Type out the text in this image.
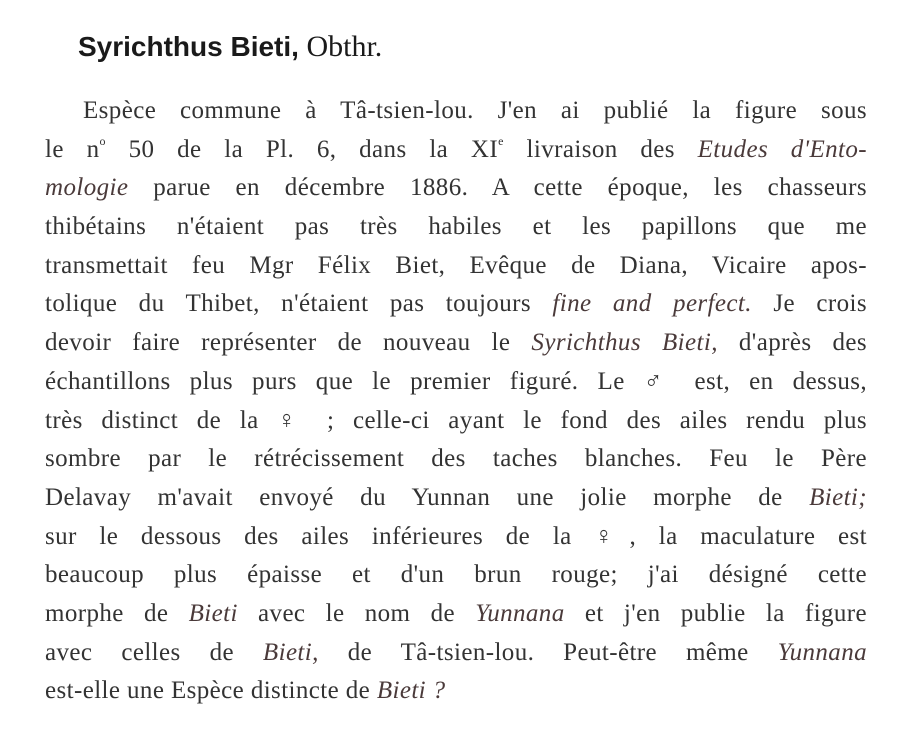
Syrichthus Bieti, Obthr.
Espèce commune à Tâ-tsien-lou. J'en ai publié la figure sous
le $n^o$ 50 de la Pl. 6, dans la XIe livraison des Etudes d'Ento-
mologie parue en décembre 1886. A cette époque, les chasseurs
thibétains n'étaient pas très habiles et les papillons que me
transmettait feu Mgr Félix Biet, Evêque de Diana, Vicaire apos-
tolique du Thibet, n'étaient pas toujours fine and perfect. Je crois
devoir faire représenter de nouveau le Syrichthus Bieti, d'après des
échantillons plus purs que le premier figuré. Le ♂ est, en dessus,
très distinct de la ♀ ; celle-ci ayant le fond des ailes rendu plus
sombre par le rétrécissement des taches blanches. Feu le Père
Delavay m'avait envoyé du Yunnan une jolie morphe de Bieti;
sur le dessous des ailes inférieures de la ♀, la maculature est
beaucoup plus épaisse et d'un brun rouge; j'ai désigné cette
morphe de Bieti avec le nom de Yunnana et j'en publie la figure
avec celles de Bieti, de Tâ-tsien-lou. Peut-être même Yunnana
est-elle une Espèce distincte de Bieti ?
